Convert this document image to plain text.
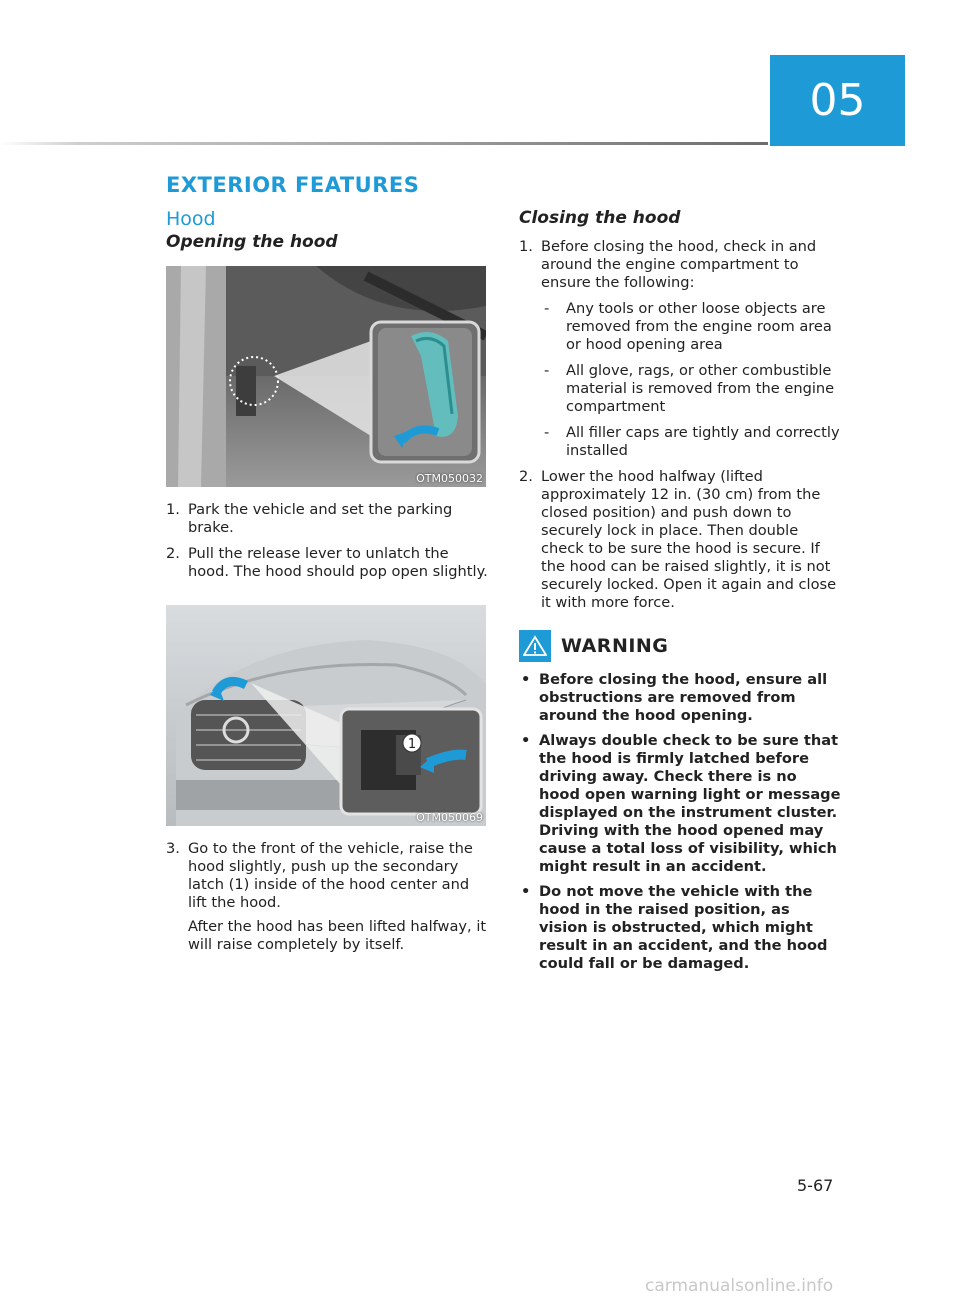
05
EXTERIOR FEATURES
Hood
Opening the hood
OTM050032
1. Park the vehicle and set the parking brake.
2. Pull the release lever to unlatch the hood. The hood should pop open slightly.
1
OTM050069
3. Go to the front of the vehicle, raise the hood slightly, push up the secondary latch (1) inside of the hood center and lift the hood.

After the hood has been lifted halfway, it will raise completely by itself.

Closing the hood
1. Before closing the hood, check in and around the engine compartment to ensure the following:
- Any tools or other loose objects are removed from the engine room area or hood opening area
- All glove, rags, or other combustible material is removed from the engine compartment
- All filler caps are tightly and correctly installed
2. Lower the hood halfway (lifted approximately 12 in. (30 cm) from the closed position) and push down to securely lock in place. Then double check to be sure the hood is secure. If the hood can be raised slightly, it is not securely locked. Open it again and close it with more force.
WARNING
• Before closing the hood, ensure all obstructions are removed from around the hood opening.
• Always double check to be sure that the hood is firmly latched before driving away. Check there is no hood open warning light or message displayed on the instrument cluster. Driving with the hood opened may cause a total loss of visibility, which might result in an accident.
• Do not move the vehicle with the hood in the raised position, as vision is obstructed, which might result in an accident, and the hood could fall or be damaged.
5-67
carmanualsonline.info
